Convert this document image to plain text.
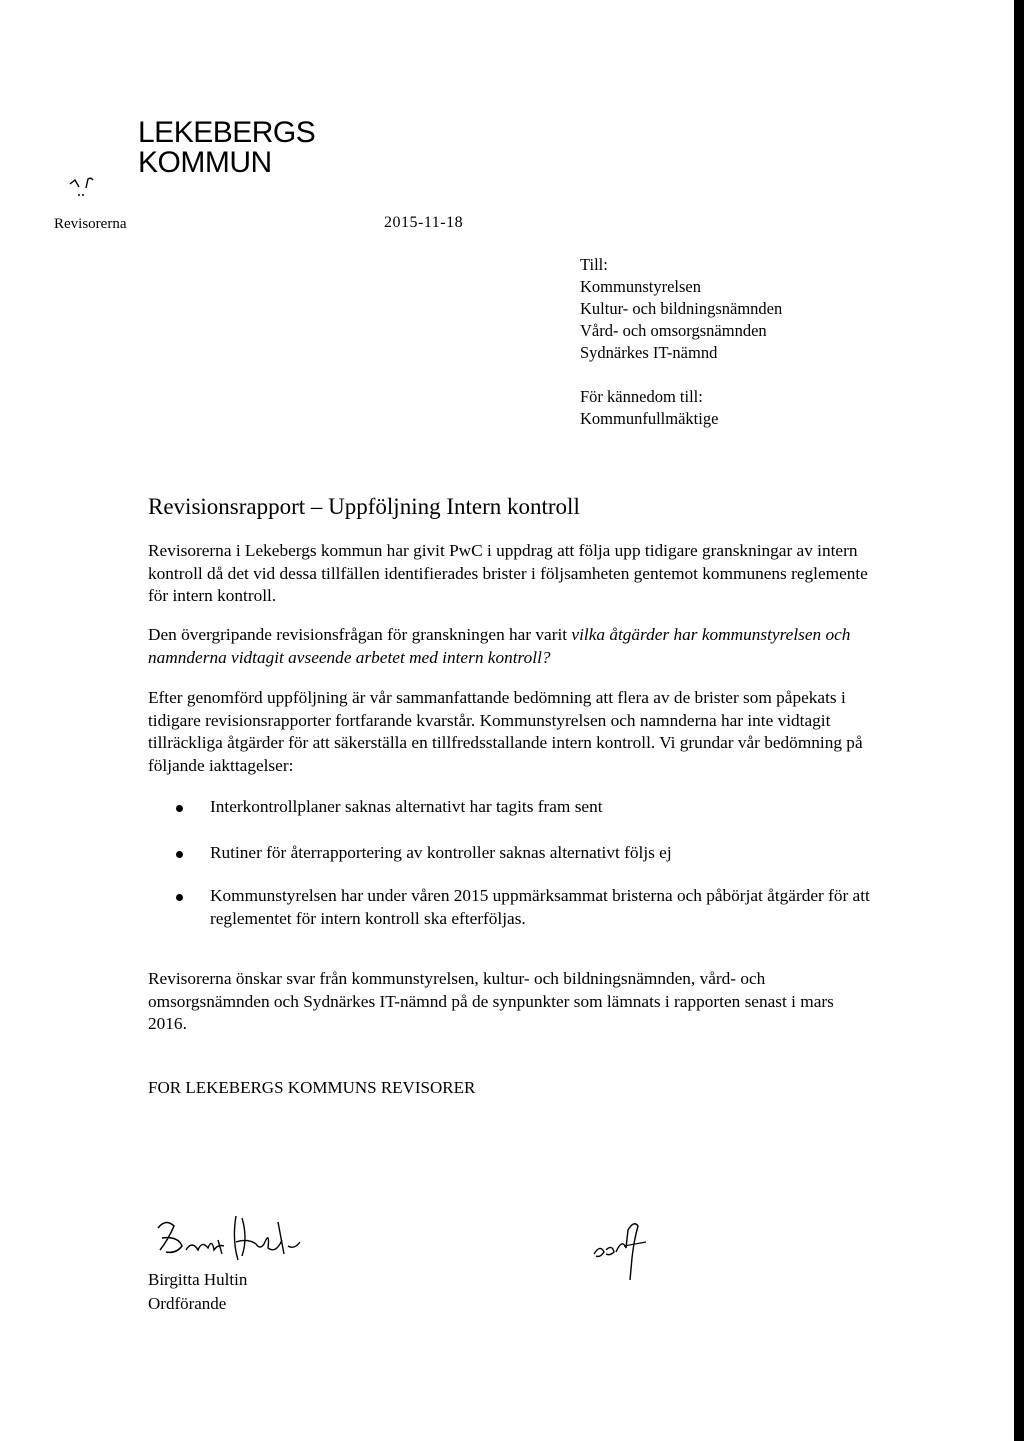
LEKEBERGS
KOMMUN
Revisorerna	2015-11-18
Till:
Kommunstyrelsen
Kultur- och bildningsnämnden
Vård- och omsorgsnämnden
Sydnärkes IT-nämnd
För kännedom till:
Kommunfullmäktige
Revisionsrapport – Uppföljning Intern kontroll
Revisorerna i Lekebergs kommun har givit PwC i uppdrag att följa upp tidigare granskningar av intern kontroll då det vid dessa tillfällen identifierades brister i följsamheten gentemot kommunens reglemente för intern kontroll.
Den övergripande revisionsfrågan för granskningen har varit vilka åtgärder har kommunstyrelsen och namnderna vidtagit avseende arbetet med intern kontroll?
Efter genomförd uppföljning är vår sammanfattande bedömning att flera av de brister som påpekats i tidigare revisionsrapporter fortfarande kvarstår. Kommunstyrelsen och namnderna har inte vidtagit tillräckliga åtgärder för att säkerställa en tillfredsstallande intern kontroll. Vi grundar vår bedömning på följande iakttagelser:
Interkontrollplaner saknas alternativt har tagits fram sent
Rutiner för återrapportering av kontroller saknas alternativt följs ej
Kommunstyrelsen har under våren 2015 uppmärksammat bristerna och påbörjat åtgärder för att reglementet för intern kontroll ska efterföljas.
Revisorerna önskar svar från kommunstyrelsen, kultur- och bildningsnämnden, vård- och omsorgsnämnden och Sydnärkes IT-nämnd på de synpunkter som lämnats i rapporten senast i mars 2016.
FOR LEKEBERGS KOMMUNS REVISORER
Birgitta Hultin
Ordförande
